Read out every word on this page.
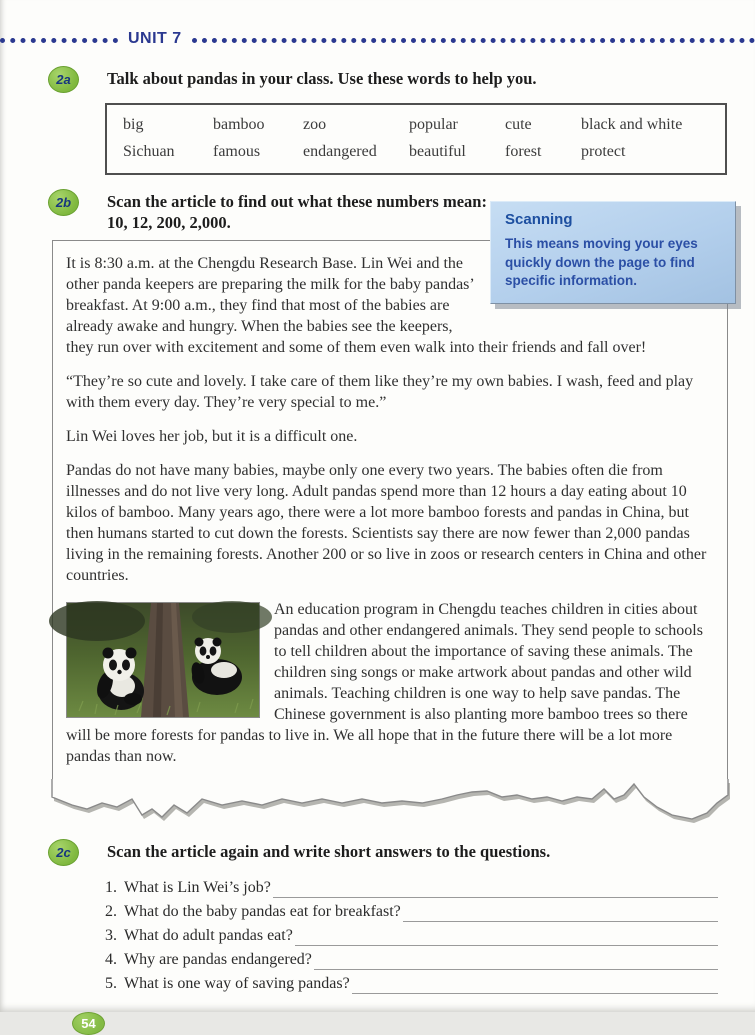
UNIT 7
2a	Talk about pandas in your class. Use these words to help you.
big	bamboo	zoo	popular	cute	black and white
Sichuan	famous	endangered	beautiful	forest	protect
2b	Scan the article to find out what these numbers mean:
10, 12, 200, 2,000.	Scanning
This means moving your eyes quickly down the page to find specific information.

It is 8:30 a.m. at the Chengdu Research Base. Lin Wei and the other panda keepers are preparing the milk for the baby pandas’ breakfast. At 9:00 a.m., they find that most of the babies are already awake and hungry. When the babies see the keepers, they run over with excitement and some of them even walk into their friends and fall over!

“They’re so cute and lovely. I take care of them like they’re my own babies. I wash, feed and play with them every day. They’re very special to me.”

Lin Wei loves her job, but it is a difficult one.

Pandas do not have many babies, maybe only one every two years. The babies often die from illnesses and do not live very long. Adult pandas spend more than 12 hours a day eating about 10 kilos of bamboo. Many years ago, there were a lot more bamboo forests and pandas in China, but then humans started to cut down the forests. Scientists say there are now fewer than 2,000 pandas living in the remaining forests. Another 200 or so live in zoos or research centers in China and other countries.

An education program in Chengdu teaches children in cities about pandas and other endangered animals. They send people to schools to tell children about the importance of saving these animals. The children sing songs or make artwork about pandas and other wild animals. Teaching children is one way to help save pandas. The Chinese government is also planting more bamboo trees so there will be more forests for pandas to live in. We all hope that in the future there will be a lot more pandas than now.

2c	Scan the article again and write short answers to the questions.
1. What is Lin Wei’s job?
2. What do the baby pandas eat for breakfast?
3. What do adult pandas eat?
4. Why are pandas endangered?
5. What is one way of saving pandas?
54
